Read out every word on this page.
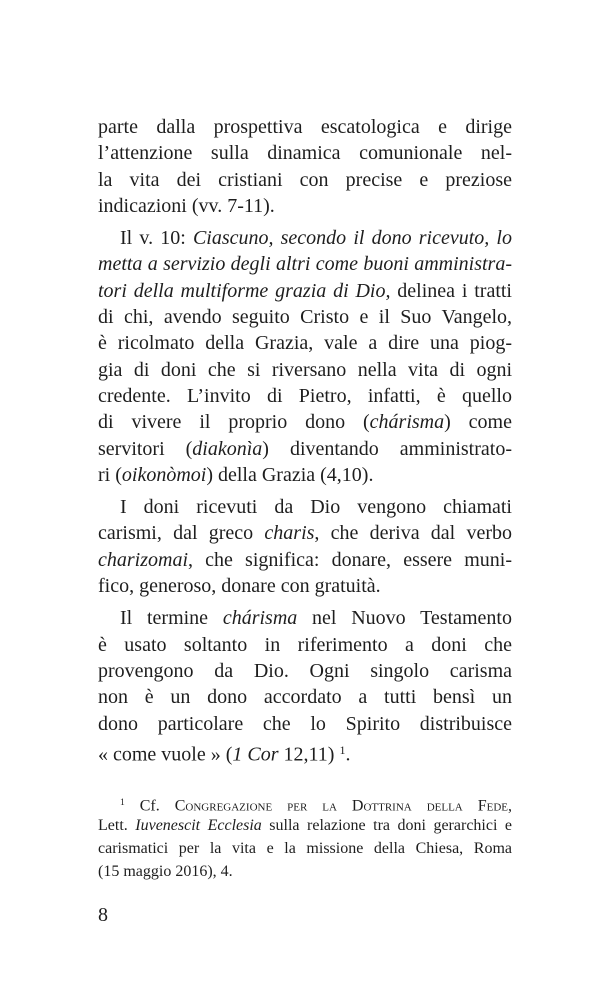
parte dalla prospettiva escatologica e dirige
l’attenzione sulla dinamica comunionale nel-
la vita dei cristiani con precise e preziose
indicazioni (vv. 7-11).
Il v. 10: Ciascuno, secondo il dono ricevuto, lo
metta a servizio degli altri come buoni amministra-
tori della multiforme grazia di Dio, delinea i tratti
di chi, avendo seguito Cristo e il Suo Vangelo,
è ricolmato della Grazia, vale a dire una piog-
gia di doni che si riversano nella vita di ogni
credente. L’invito di Pietro, infatti, è quello
di vivere il proprio dono (chárisma) come
servitori (diakonìa) diventando amministrato-
ri (oikonòmoi) della Grazia (4,10).
I doni ricevuti da Dio vengono chiamati
carismi, dal greco charis, che deriva dal verbo
charizomai, che significa: donare, essere muni-
fico, generoso, donare con gratuità.
Il termine chárisma nel Nuovo Testamento
è usato soltanto in riferimento a doni che
provengono da Dio. Ogni singolo carisma
non è un dono accordato a tutti bensì un
dono particolare che lo Spirito distribuisce
« come vuole » (1 Cor 12,11) $^1$.
$^1$ Cf. Congregazione per la Dottrina della Fede,
Lett. Iuvenescit Ecclesia sulla relazione tra doni gerarchici e
carismatici per la vita e la missione della Chiesa, Roma
(15 maggio 2016), 4.
8
